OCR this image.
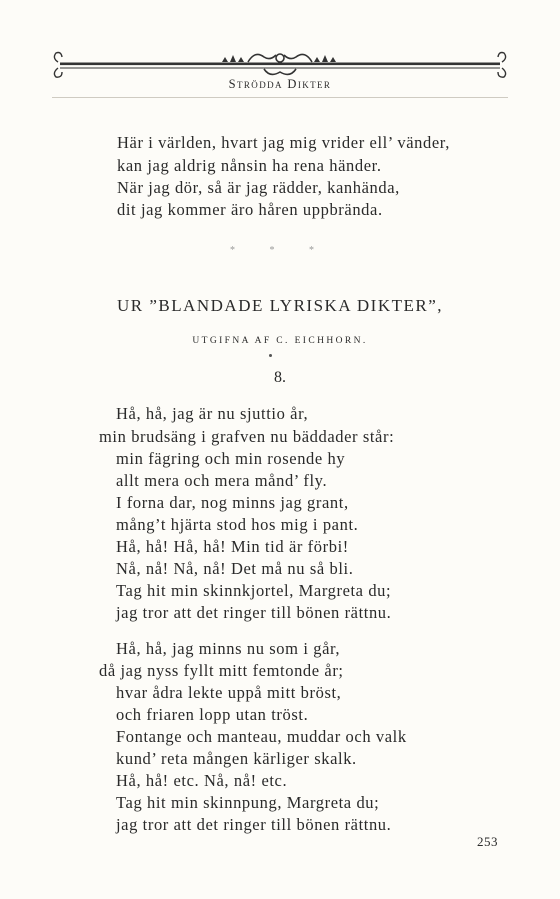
Strödda Dikter
Här i världen, hvart jag mig vrider ell’ vänder,
kan jag aldrig nånsin ha rena händer.
När jag dör, så är jag rädder, kanhända,
dit jag kommer äro håren uppbrända.
* * *
UR ”BLANDADE LYRISKA DIKTER”,
UTGIFNA AF C. EICHHORN.
8.
Hå, hå, jag är nu sjuttio år,
min brudsäng i grafven nu bäddader står:
min fägring och min rosende hy
allt mera och mera månd’ fly.
I forna dar, nog minns jag grant,
mång’t hjärta stod hos mig i pant.
Hå, hå! Hå, hå! Min tid är förbi!
Nå, nå! Nå, nå! Det må nu så bli.
Tag hit min skinnkjortel, Margreta du;
jag tror att det ringer till bönen rättnu.
Hå, hå, jag minns nu som i går,
då jag nyss fyllt mitt femtonde år;
hvar ådra lekte uppå mitt bröst,
och friaren lopp utan tröst.
Fontange och manteau, muddar och valk
kund’ reta mången kärliger skalk.
Hå, hå! etc. Nå, nå! etc.
Tag hit min skinnpung, Margreta du;
jag tror att det ringer till bönen rättnu.
253
